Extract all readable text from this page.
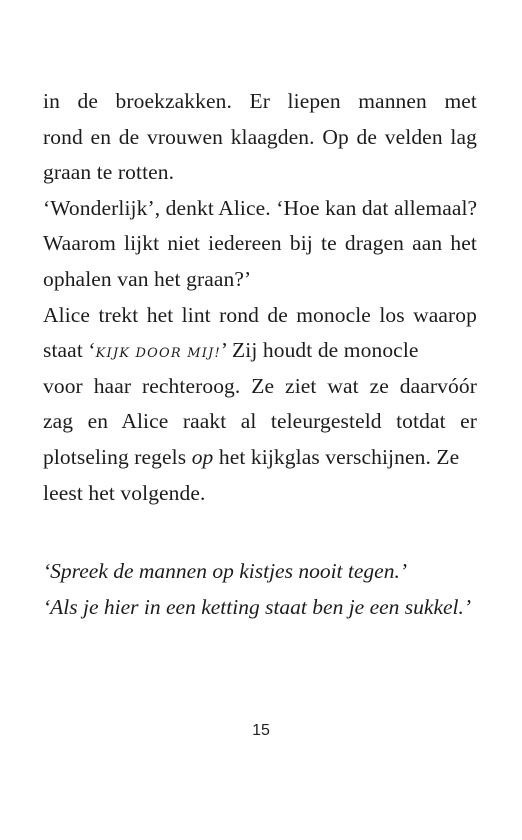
in de broekzakken. Er liepen mannen met
rond en de vrouwen klaagden. Op de velden lag
graan te rotten.
‘Wonderlijk’, denkt Alice. ‘Hoe kan dat allemaal?
Waarom lijkt niet iedereen bij te dragen aan het
ophalen van het graan?’
Alice trekt het lint rond de monocle los waarop
staat ‘KIJK DOOR MIJ!’ Zij houdt de monocle
voor haar rechteroog. Ze ziet wat ze daarvóór
zag en Alice raakt al teleurgesteld totdat er
plotseling regels op het kijkglas verschijnen. Ze
leest het volgende.
‘Spreek de mannen op kistjes nooit tegen.’
‘Als je hier in een ketting staat ben je een sukkel.’
15
